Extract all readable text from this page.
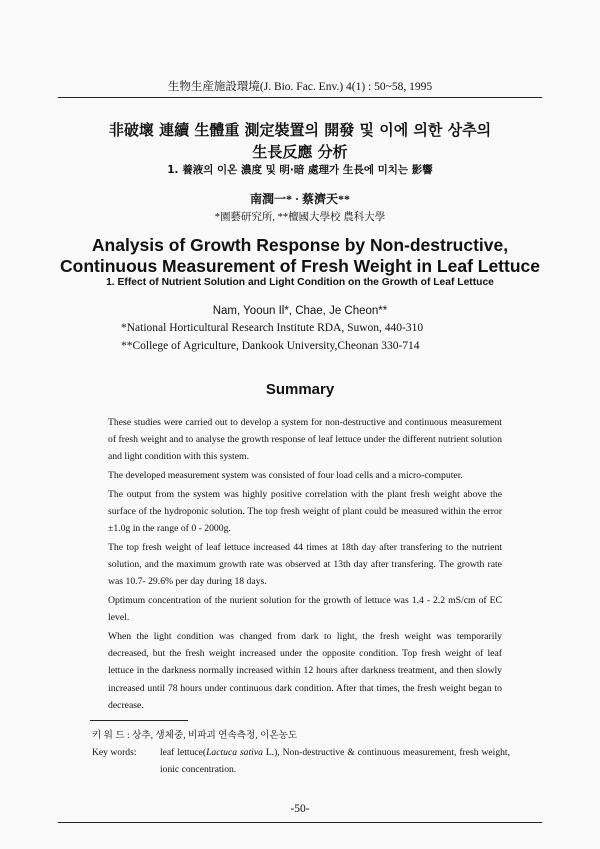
生物生産施設環境(J. Bio. Fac. Env.) 4(1) : 50~58, 1995
非破壞 連續 生體重 測定裝置의 開發 및 이에 의한 상추의
生長反應 分析
1. 養液의 이온 濃度 및 明·暗 處理가 生長에 미치는 影響
南潤一* · 蔡濟天**
*園藝研究所, **檀國大學校 農科大學
Analysis of Growth Response by Non-destructive,
Continuous Measurement of Fresh Weight in Leaf Lettuce
1. Effect of Nutrient Solution and Light Condition on the Growth of Leaf Lettuce
Nam, Yooun Il*, Chae, Je Cheon**
*National Horticultural Research Institute RDA, Suwon, 440-310
**College of Agriculture, Dankook University,Cheonan 330-714
Summary

These studies were carried out to develop a system for non-destructive and continuous measurement of fresh weight and to analyse the growth response of leaf lettuce under the different nutrient solution and light condition with this system.

The developed measurement system was consisted of four load cells and a micro-computer.

The output from the system was highly positive correlation with the plant fresh weight above the surface of the hydroponic solution. The top fresh weight of plant could be measured within the error ±1.0g in the range of 0 - 2000g.

The top fresh weight of leaf lettuce increased 44 times at 18th day after transfering to the nutrient solution, and the maximum growth rate was observed at 13th day after transfering. The growth rate was 10.7- 29.6% per day during 18 days.

Optimum concentration of the nurient solution for the growth of lettuce was 1.4 - 2.2 mS/cm of EC level.

When the light condition was changed from dark to light, the fresh weight was temporarily decreased, but the fresh weight increased under the opposite condition. Top fresh weight of leaf lettuce in the darkness normally increased within 12 hours after darkness treatment, and then slowly increased until 78 hours under continuous dark condition. After that times, the fresh weight began to decrease.

키 워 드 : 상추, 생체중, 비파괴 연속측정, 이온농도
Key words: leaf lettuce(Lactuca sativa L.), Non-destructive & continuous measurement, fresh weight, ionic concentration.
-50-
